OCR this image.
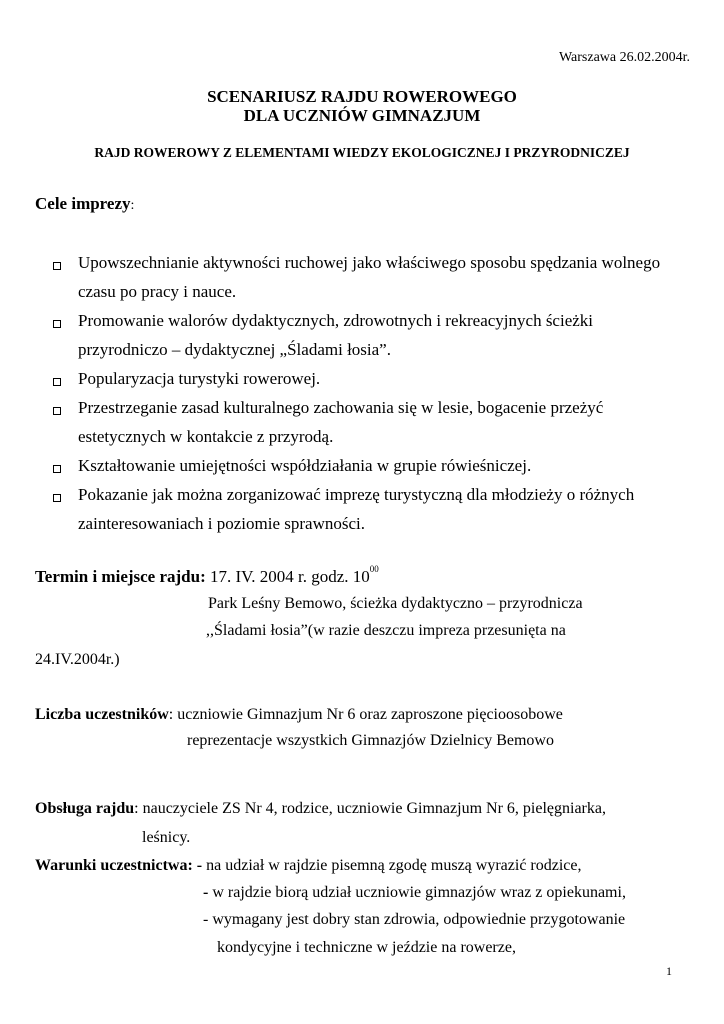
Warszawa 26.02.2004r.
SCENARIUSZ RAJDU ROWEROWEGO
DLA UCZNIÓW GIMNAZJUM
RAJD ROWEROWY Z ELEMENTAMI WIEDZY EKOLOGICZNEJ I PRZYRODNICZEJ
Cele imprezy:
Upowszechnianie aktywności ruchowej jako właściwego sposobu spędzania wolnego
czasu po pracy i nauce.
Promowanie walorów dydaktycznych, zdrowotnych i rekreacyjnych ścieżki
przyrodniczo – dydaktycznej „Śladami łosia”.
Popularyzacja turystyki rowerowej.
Przestrzeganie zasad kulturalnego zachowania się w lesie, bogacenie przeżyć
estetycznych w kontakcie z przyrodą.
Kształtowanie umiejętności współdziałania w grupie rówieśniczej.
Pokazanie jak można zorganizować imprezę turystyczną dla młodzieży o różnych
zainteresowaniach i poziomie sprawności.
Termin i miejsce rajdu: 17. IV. 2004 r. godz. $10^{00}$
Park Leśny Bemowo, ścieżka dydaktyczno – przyrodnicza
,,Śladami łosia”(w razie deszczu impreza przesunięta na
24.IV.2004r.)
Liczba uczestników: uczniowie Gimnazjum Nr 6 oraz zaproszone pięcioosobowe
reprezentacje wszystkich Gimnazjów Dzielnicy Bemowo
Obsługa rajdu: nauczyciele ZS Nr 4, rodzice, uczniowie Gimnazjum Nr 6, pielęgniarka,
leśnicy.
Warunki uczestnictwa: - na udział w rajdzie pisemną zgodę muszą wyrazić rodzice,
- w rajdzie biorą udział uczniowie gimnazjów wraz z opiekunami,
- wymagany jest dobry stan zdrowia, odpowiednie przygotowanie
kondycyjne i techniczne w jeździe na rowerze,
1
